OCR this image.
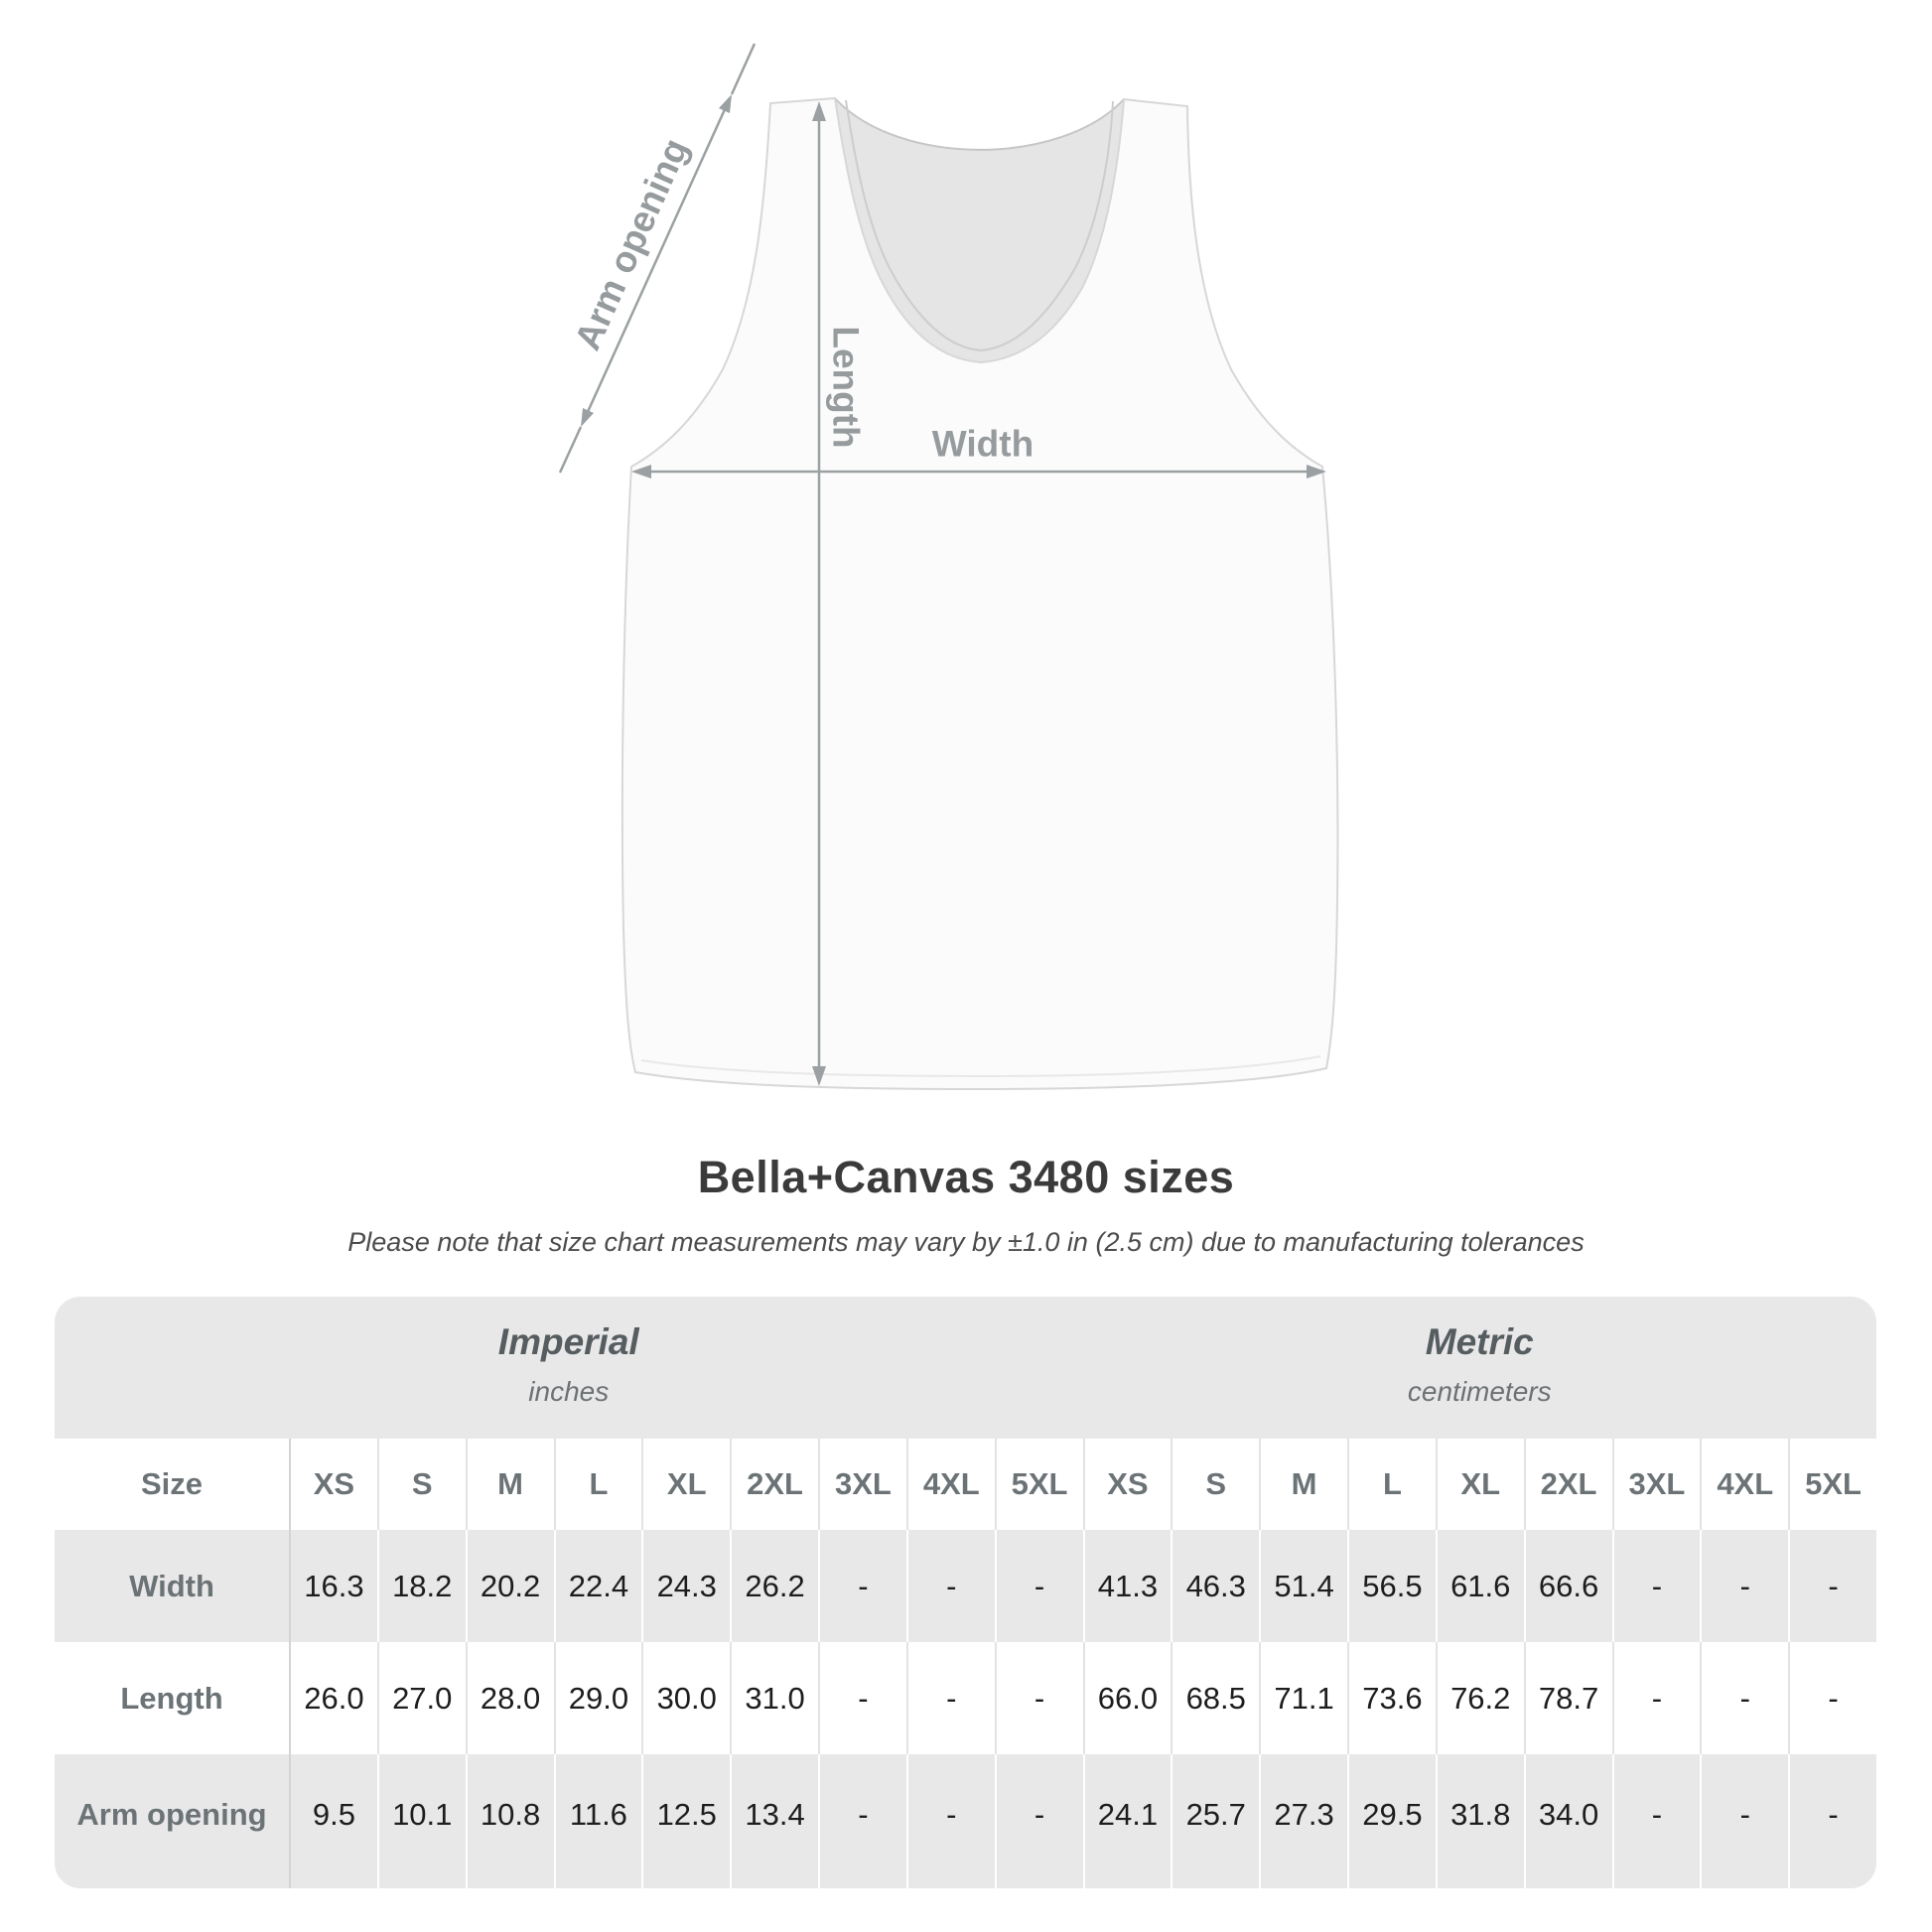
Arm opening
Length Width
Bella+Canvas 3480 sizes

Please note that size chart measurements may vary by ±1.0 in (2.5 cm) due to manufacturing tolerances

Imperial
inches
Metric
centimeters
Size	XS S M L XL 2XL 3XL 4XL 5XL XS S M L XL 2XL 3XL 4XL 5XL
Width	16.3 18.2 20.2 22.4 24.3 26.2 -	-	- 41.3 46.3 51.4 56.5 61.6 66.6 -	-	-
Length	26.0 27.0 28.0 29.0 30.0 31.0 -	-	- 66.0 68.5 71.1 73.6 76.2 78.7 -	-	-
Arm opening 9.5 10.1 10.8 11.6 12.5 13.4 -	-	- 24.1 25.7 27.3 29.5 31.8 34.0 -	-	-
